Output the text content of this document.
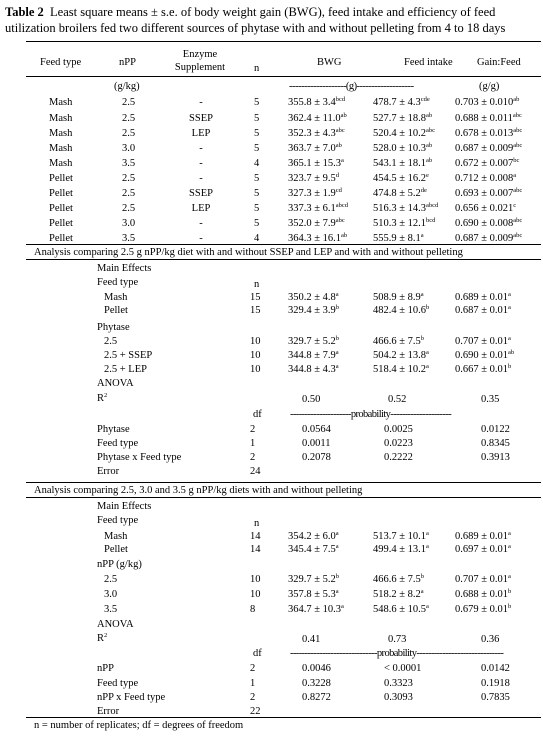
Table 2 Least square means ± s.e. of body weight gain (BWG), feed intake and efficiency of feed utilization broilers fed two different sources of phytase with and without pelleting from 4 to 18 days
Feed type	nPP
Enzyme
Supplement	n
BWG	Feed intake Gain:Feed
(g/kg)	-------------------(g)-------------------	(g/g)
Mash	2.5	-	5	355.8 ± 3.4$^{bcd}$	478.7 ± 4.3$^{cde}$ 0.703 ± 0.010$^{ab}$
Mash	2.5	SSEP	5	362.4 ± 11.0$^{ab}$ 527.7 ± 18.8$^{ab}$ 0.688 ± 0.011$^{abc}$
Mash	2.5	LEP	5	352.3 ± 4.3$^{abc}$	520.4 ± 10.2$^{abc}$ 0.678 ± 0.013$^{abc}$
Mash	3.0	-	5	363.7 ± 7.0$^{ab}$	528.0 ± 10.3$^{ab}$ 0.687 ± 0.009$^{abc}$
Mash	3.5	-	4	365.1 ± 15.3$^a$	543.1 ± 18.1$^{ab}$ 0.672 ± 0.007$^{bc}$
Pellet	2.5	-	5	323.7 ± 9.5$^d$	454.5 ± 16.2$^e$ 0.712 ± 0.008$^a$
Pellet	2.5	SSEP	5	327.3 ± 1.9$^{cd}$	474.8 ± 5.2de	0.693 ± 0.007$^{abc}$
Pellet	2.5	LEP	5	$337.3 \pm 6.1^{abcd}$ $516.3 \pm 14.3^{abcd}$ 0.656 ± 0.021$^c$
Pellet	3.0	-	5	352.0 ± 7.9$^{abc}$	510.3 ± 12.1$^{bcd}$ 0.690 ± 0.008$^{abc}$
Pellet	3.5	-	4	364.3 ± 16.1$^{ab}$ 555.9 ± 8.1$^a$	0.687 ± 0.009$^{abc}$
Analysis comparing 2.5 g nPP/kg diet with and without SSEP and LEP and with and without pelleting
Main Effects
Feed type	n
Mash	15	350.2 ± 4.8$^a$	508.9 ± 8.9$^a$	0.689 ± 0.01$^a$
Pellet	15	329.4 ± 3.9$^b$	482.4 ± 10.6$^b$ 0.687 ± 0.01$^a$
Phytase
2.5	10	329.7 ± 5.2$^b$	466.6 ± 7.5$^b$	0.707 ± 0.01$^a$
2.5 + SSEP	10	344.8 ± 7.9$^a$	504.2 ± 13.8$^a$ 0.690 ± 0.01$^{ab}$
2.5 + LEP	10	344.8 ± 4.3$^a$	518.4 ± 10.2$^a$ 0.667 ± 0.01$^b$
ANOVA
$R^2$	0.50	0.52	0.35
df	---------------------probability---------------------
Phytase	2	0.0564	0.0025	0.0122
Feed type	1	0.0011	0.0223	0.8345
Phytase x Feed type	2	0.2078	0.2222	0.3913
Error	24
Analysis comparing 2.5, 3.0 and 3.5 g nPP/kg diets with and without pelleting
Main Effects
Feed type	n
Mash	14	354.2 ± 6.0$^a$	513.7 ± 10.1$^a$ 0.689 ± 0.01$^a$
Pellet	14	345.4 ± 7.5$^a$	499.4 ± 13.1$^a$ 0.697 ± 0.01$^a$
nPP (g/kg)
2.5	10	329.7 ± 5.2$^b$	466.6 ± 7.5$^b$	0.707 ± 0.01$^a$
3.0	10	357.8 ± 5.3$^a$	518.2 ± 8.2$^a$	0.688 ± 0.01$^b$
3.5	8	364.7 ± 10.3$^a$	548.6 ± 10.5$^a$ 0.679 ± 0.01$^b$
ANOVA
$R^2$	0.41	0.73	0.36
df	------------------------------probability------------------------------
nPP	2	0.0046	< 0.0001	0.0142
Feed type	1	0.3228	0.3323	0.1918
nPP x Feed type	2	0.8272	0.3093	0.7835
Error	22
n = number of replicates; df = degrees of freedom
